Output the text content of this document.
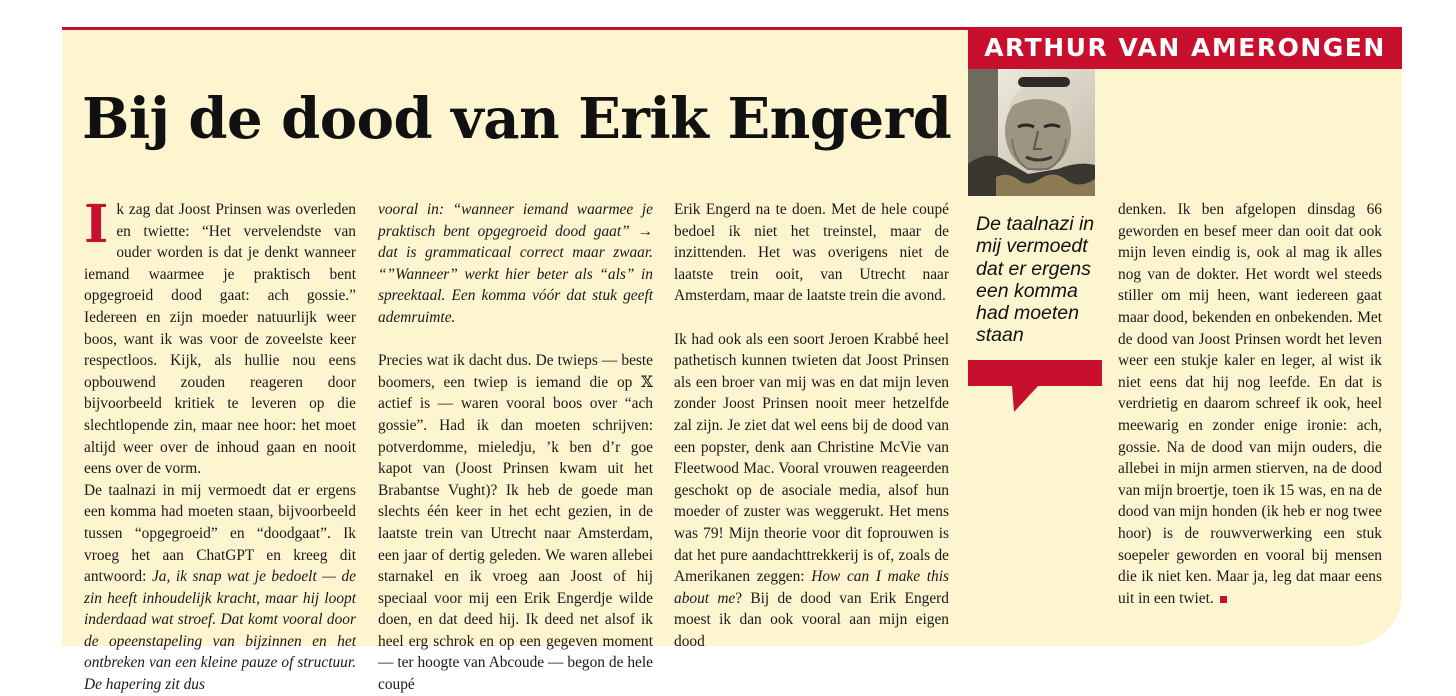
ARTHUR VAN AMERONGEN
Bij de dood van Erik Engerd

De taalnazi in mij vermoedt dat er ergens een komma had moeten staan

Ik zag dat Joost Prinsen was overleden en twiette: “Het vervelendste van ouder worden is dat je denkt wanneer iemand waarmee je praktisch bent opgegroeid dood gaat: ach gossie.” Iedereen en zijn moeder natuurlijk weer boos, want ik was voor de zoveelste keer respectloos. Kijk, als hullie nou eens opbouwend zouden reageren door bijvoorbeeld kritiek te leveren op die slechtlopende zin, maar nee hoor: het moet altijd weer over de inhoud gaan en nooit eens over de vorm.

De taalnazi in mij vermoedt dat er ergens een komma had moeten staan, bijvoorbeeld tussen “opgegroeid” en “doodgaat”. Ik vroeg het aan ChatGPT en kreeg dit antwoord: Ja, ik snap wat je bedoelt — de zin heeft inhoudelijk kracht, maar hij loopt inderdaad wat stroef. Dat komt vooral door de opeenstapeling van bijzinnen en het ontbreken van een kleine pauze of structuur. De hapering zit dus

vooral in: “wanneer iemand waarmee je praktisch bent opgegroeid dood gaat” → dat is grammaticaal correct maar zwaar. “”Wanneer” werkt hier beter als “als” in spreektaal. Een komma vóór dat stuk geeft ademruimte.

Precies wat ik dacht dus. De twieps — beste boomers, een twiep is iemand die op 𝕏 actief is — waren vooral boos over “ach gossie”. Had ik dan moeten schrijven: potverdomme, mieledju, ’k ben d’r goe kapot van (Joost Prinsen kwam uit het Brabantse Vught)? Ik heb de goede man slechts één keer in het echt gezien, in de laatste trein van Utrecht naar Amsterdam, een jaar of dertig geleden. We waren allebei starnakel en ik vroeg aan Joost of hij speciaal voor mij een Erik Engerdje wilde doen, en dat deed hij. Ik deed net alsof ik heel erg schrok en op een gegeven moment — ter hoogte van Abcoude — begon de hele coupé

Erik Engerd na te doen. Met de hele coupé bedoel ik niet het treinstel, maar de inzittenden. Het was overigens niet de laatste trein ooit, van Utrecht naar Amsterdam, maar de laatste trein die avond.

Ik had ook als een soort Jeroen Krabbé heel pathetisch kunnen twieten dat Joost Prinsen als een broer van mij was en dat mijn leven zonder Joost Prinsen nooit meer hetzelfde zal zijn. Je ziet dat wel eens bij de dood van een popster, denk aan Christine McVie van Fleetwood Mac. Vooral vrouwen reageerden geschokt op de asociale media, alsof hun moeder of zuster was weggerukt. Het mens was 79! Mijn theorie voor dit foprouwen is dat het pure aandachttrekkerij is of, zoals de Amerikanen zeggen: How can I make this about me? Bij de dood van Erik Engerd moest ik dan ook vooral aan mijn eigen dood

denken. Ik ben afgelopen dinsdag 66 geworden en besef meer dan ooit dat ook mijn leven eindig is, ook al mag ik alles nog van de dokter. Het wordt wel steeds stiller om mij heen, want iedereen gaat maar dood, bekenden en onbekenden. Met de dood van Joost Prinsen wordt het leven weer een stukje kaler en leger, al wist ik niet eens dat hij nog leefde. En dat is verdrietig en daarom schreef ik ook, heel meewarig en zonder enige ironie: ach, gossie. Na de dood van mijn ouders, die allebei in mijn armen stierven, na de dood van mijn broertje, toen ik 15 was, en na de dood van mijn honden (ik heb er nog twee hoor) is de rouwverwerking een stuk soepeler geworden en vooral bij mensen die ik niet ken. Maar ja, leg dat maar eens uit in een twiet.
